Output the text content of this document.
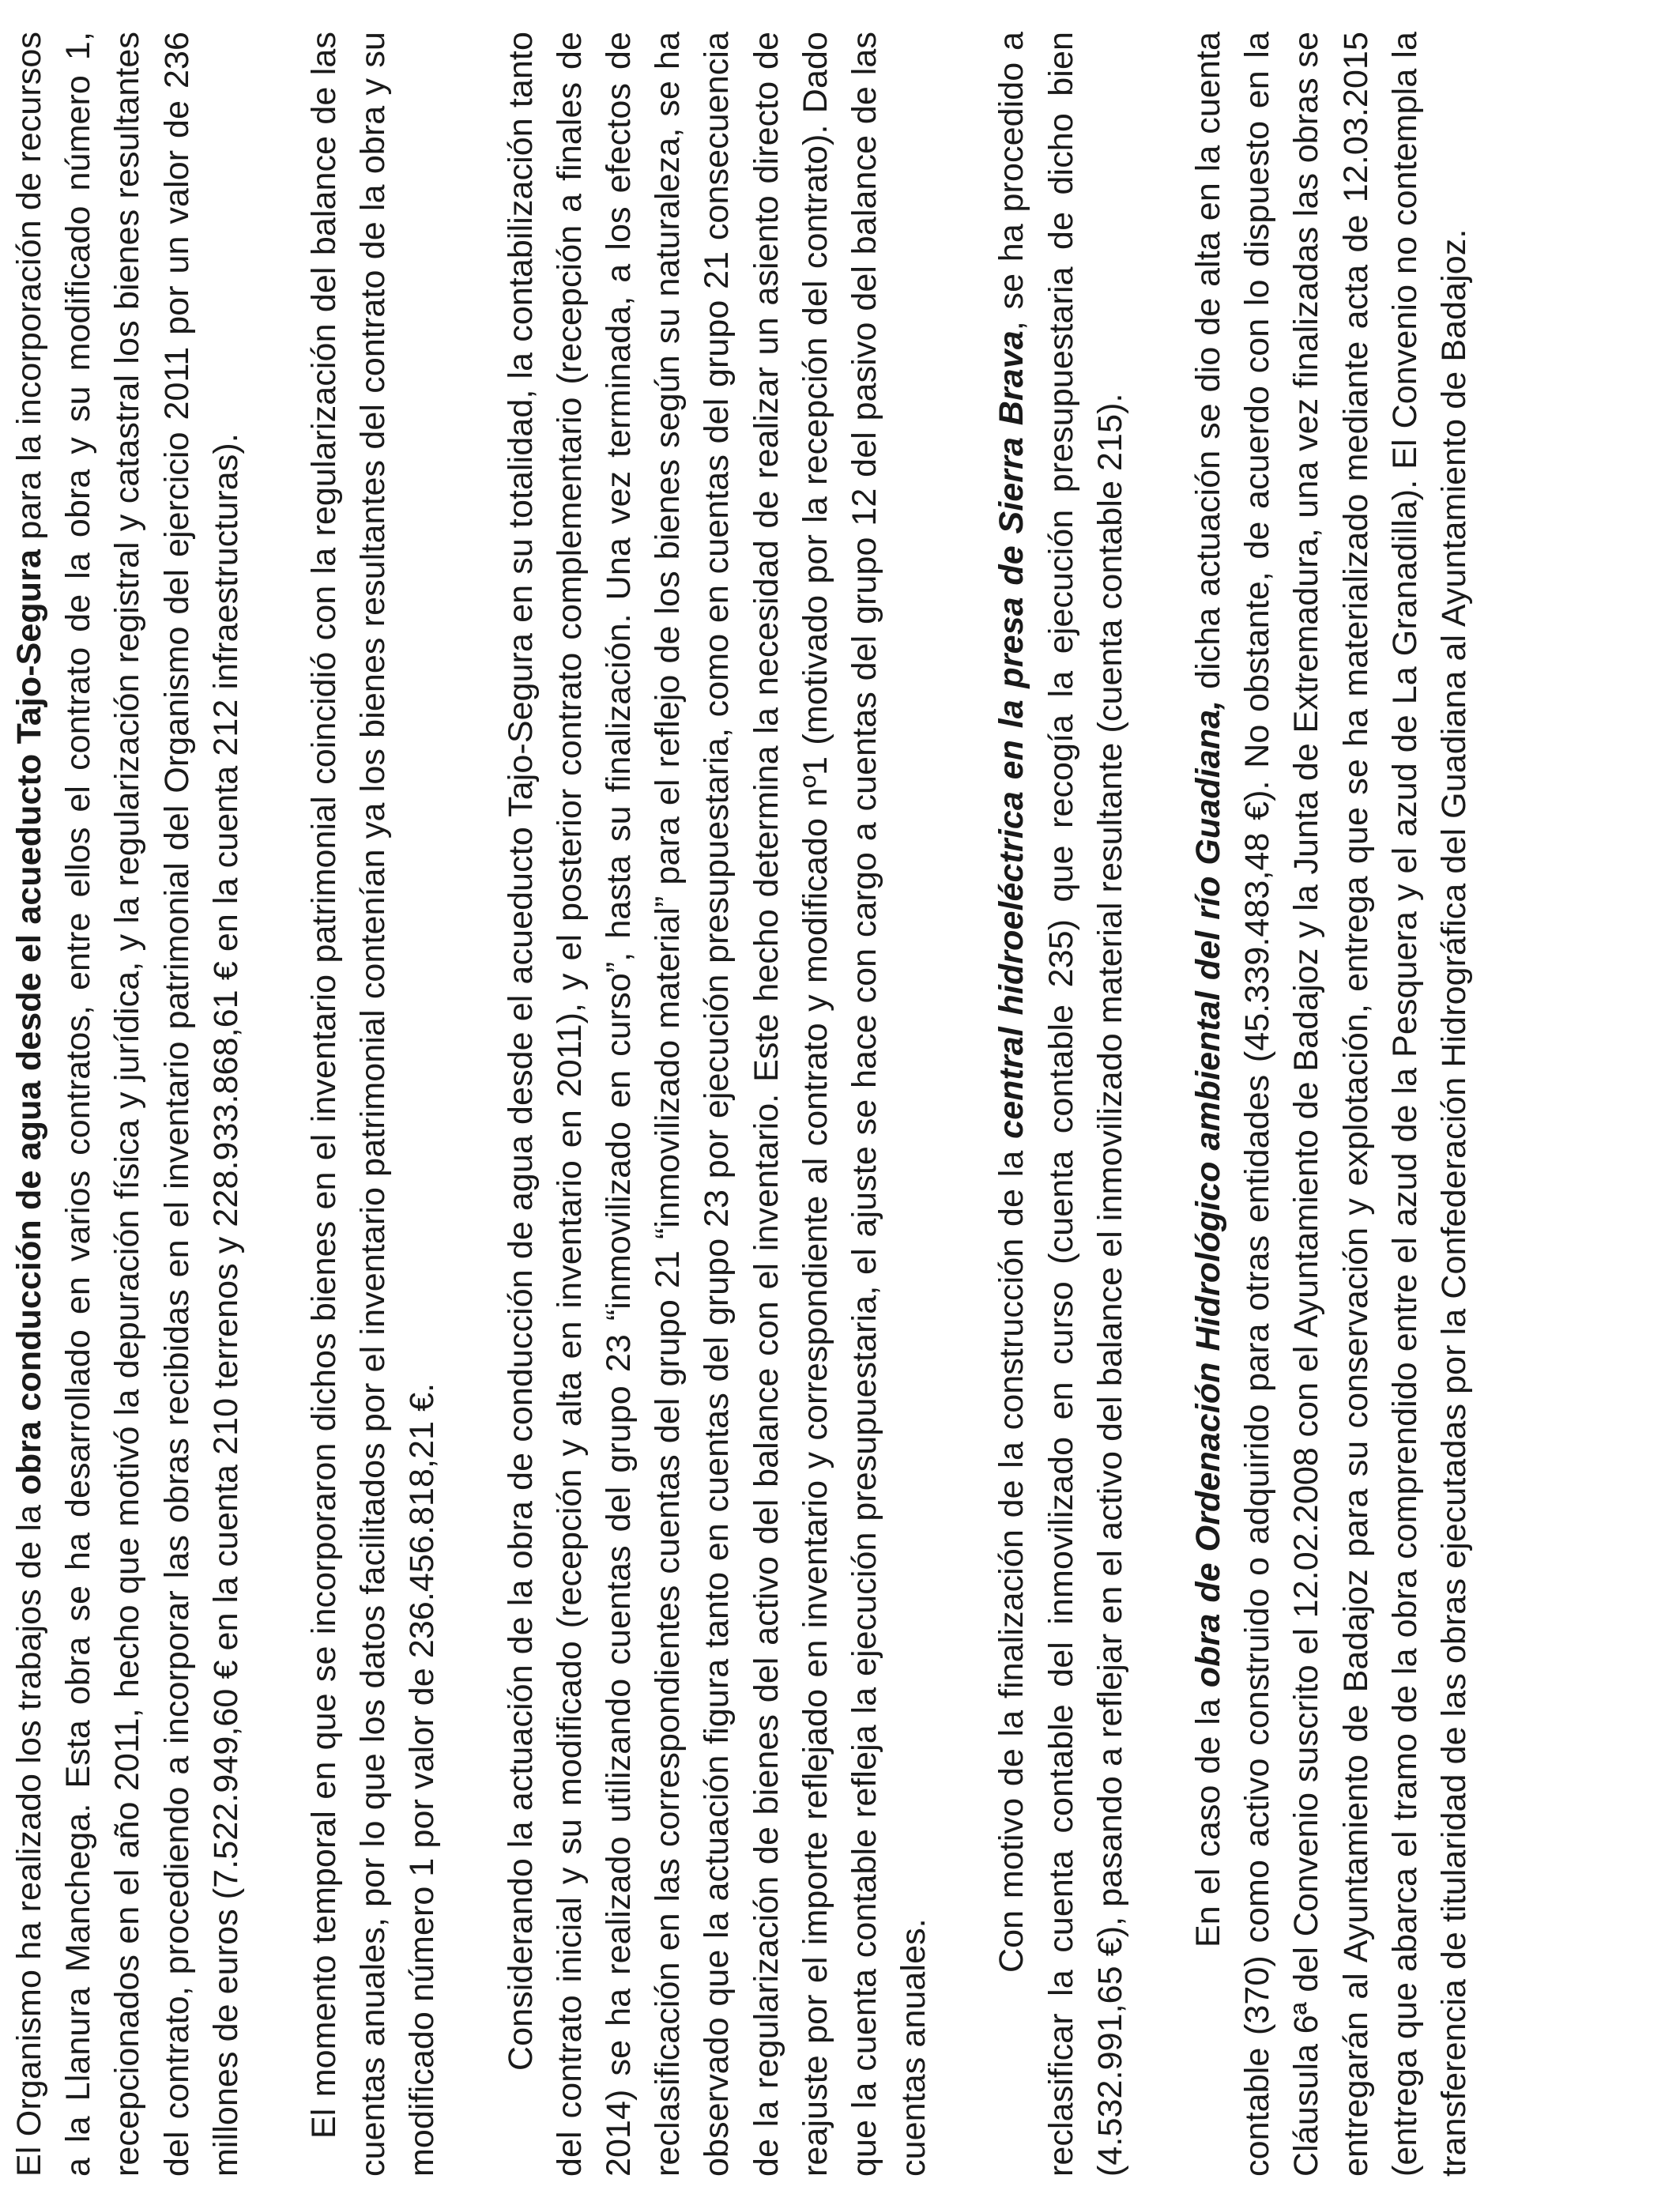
El Organismo ha realizado los trabajos de la obra conducción de agua desde el acueducto Tajo-Segura para la incorporación de recursos a la Llanura Manchega. Esta obra se ha desarrollado en varios contratos, entre ellos el contrato de la obra y su modificado número 1, recepcionados en el año 2011, hecho que motivó la depuración física y jurídica, y la regularización registral y catastral los bienes resultantes del contrato, procediendo a incorporar las obras recibidas en el inventario patrimonial del Organismo del ejercicio 2011 por un valor de 236 millones de euros (7.522.949,60 € en la cuenta 210 terrenos y 228.933.868,61 € en la cuenta 212 infraestructuras). El momento temporal en que se incorporaron dichos bienes en el inventario patrimonial coincidió con la regularización del balance de las cuentas anuales, por lo que los datos facilitados por el inventario patrimonial contenían ya los bienes resultantes del contrato de la obra y su modificado número 1 por valor de 236.456.818,21 €. Considerando la actuación de la obra de conducción de agua desde el acueducto Tajo-Segura en su totalidad, la contabilización tanto del contrato inicial y su modificado (recepción y alta en inventario en 2011), y el posterior contrato complementario (recepción a finales de 2014) se ha realizado utilizando cuentas del grupo 23 “inmovilizado en curso”, hasta su finalización. Una vez terminada, a los efectos de reclasificación en las correspondientes cuentas del grupo 21 “inmovilizado material” para el reflejo de los bienes según su naturaleza, se ha observado que la actuación figura tanto en cuentas del grupo 23 por ejecución presupuestaria, como en cuentas del grupo 21 consecuencia de la regularización de bienes del activo del balance con el inventario. Este hecho determina la necesidad de realizar un asiento directo de reajuste por el importe reflejado en inventario y correspondiente al contrato y modificado nº1 (motivado por la recepción del contrato). Dado que la cuenta contable refleja la ejecución presupuestaria, el ajuste se hace con cargo a cuentas del grupo 12 del pasivo del balance de las cuentas anuales.

Con motivo de la finalización de la construcción de la central hidroeléctrica en la presa de Sierra Brava, se ha procedido a reclasificar la cuenta contable del inmovilizado en curso (cuenta contable 235) que recogía la ejecución presupuestaria de dicho bien (4.532.991,65 €), pasando a reflejar en el activo del balance el inmovilizado material resultante (cuenta contable 215). En el caso de la obra de Ordenación Hidrológico ambiental del río Guadiana, dicha actuación se dio de alta en la cuenta contable (370) como activo construido o adquirido para otras entidades (45.339.483,48 €). No obstante, de acuerdo con lo dispuesto en la Cláusula 6ª del Convenio suscrito el 12.02.2008 con el Ayuntamiento de Badajoz y la Junta de Extremadura, una vez finalizadas las obras se entregarán al Ayuntamiento de Badajoz para su conservación y explotación, entrega que se ha materializado mediante acta de 12.03.2015 (entrega que abarca el tramo de la obra comprendido entre el azud de la Pesquera y el azud de La Granadilla). El Convenio no contempla la transferencia de titularidad de las obras ejecutadas por la Confederación Hidrográfica del Guadiana al Ayuntamiento de Badajoz.
